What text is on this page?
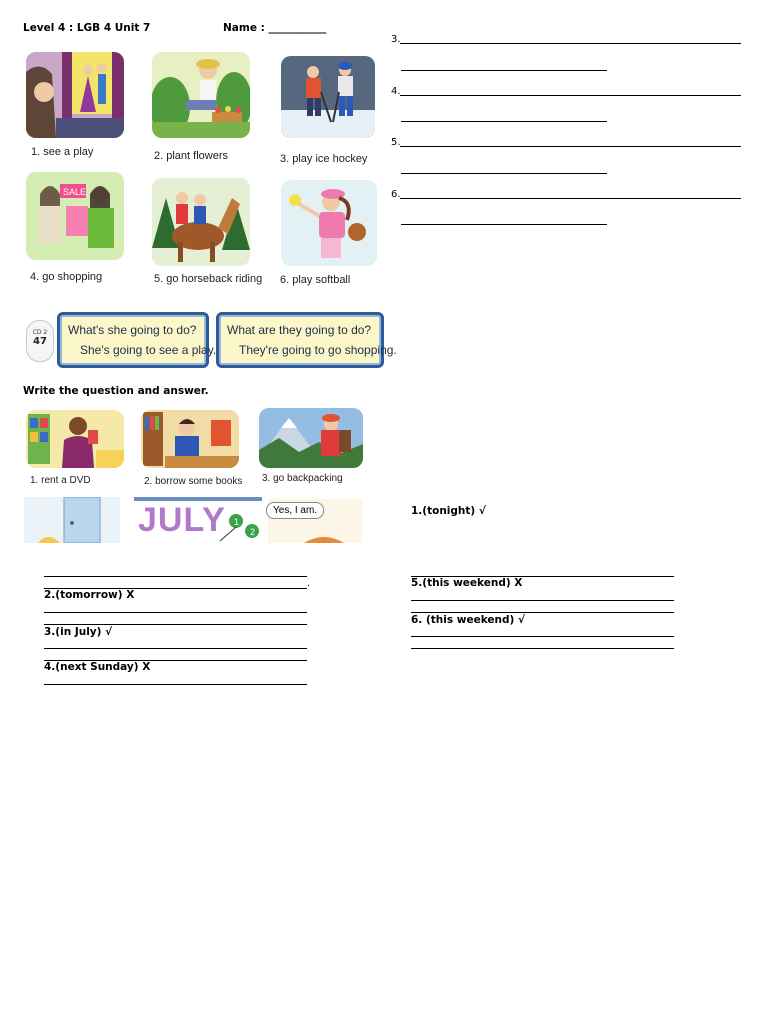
Level 4 : LGB 4 Unit 7	Name : ___________
1. see a play	2. plant flowers	3. play ice hockey
SALE
4. go shopping	5. go horseback riding 6. play softball
CD 2
47
What's she going to do?
She's going to see a play.
What are they going to do?
They're going to go shopping.
3.
4.
5.
6.
Write the question and answer.
1. rent a DVD	2. borrow some books 3. go backpacking
1
2
JULY	Yes, I am.
.
2.(tomorrow) X
3.(in July) √
4.(next Sunday) X
1.(tonight) √
5.(this weekend) X
6. (this weekend) √
